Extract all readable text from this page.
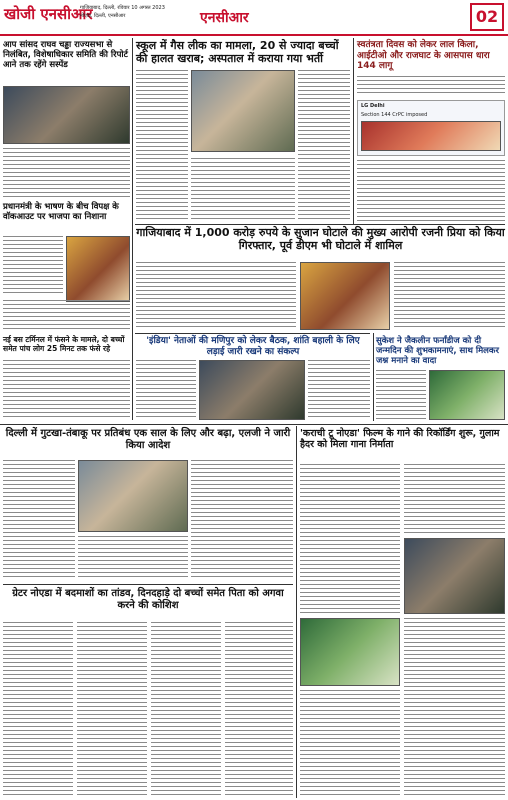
खोजी एनसीआर
गाजियाबाद, दिल्ली, रविवार 10 अगस्त 2023
नोएडा, दिल्ली, एनसीआर	एनसीआर	02
आप सांसद राघव चड्ढा राज्यसभा से निलंबित, विशेषाधिकार समिति की रिपोर्ट आने तक रहेंगे सस्पेंड
प्रधानमंत्री के भाषण के बीच विपक्ष के वॉकआउट पर भाजपा का निशाना
नई बस टर्मिनल में फंसने के मामले, दो बच्चों समेत पांच लोग 25 मिनट तक फंसे रहे
स्कूल में गैस लीक का मामला, 20 से ज्यादा बच्चों की हालत खराब; अस्पताल में कराया गया भर्ती
स्वतंत्रता दिवस को लेकर लाल किला, आईटीओ और राजघाट के आसपास धारा 144 लागू
LG Delhi
Section 144 CrPC imposed
गाजियाबाद में 1,000 करोड़ रुपये के सुजान घोटाले की मुख्य आरोपी रजनी प्रिया को किया गिरफ्तार, पूर्व डीएम भी घोटाले में शामिल
'इंडिया' नेताओं की मणिपुर को लेकर बैठक, शांति बहाली के लिए लड़ाई जारी रखने का संकल्प
सुकेश ने जैकलीन फर्नांडीज को दी जन्मदिन की शुभकामनाएं, साथ मिलकर जश्न मनाने का वादा
दिल्ली में गुटखा-तंबाकू पर प्रतिबंध एक साल के लिए और बढ़ा, एलजी ने जारी किया आदेश
'कराची टू नोएडा' फिल्म के गाने की रिकॉर्डिंग शुरू, गुलाम हैदर को मिला गाना निर्माता
ग्रेटर नोएडा में बदमाशों का तांडव, दिनदहाड़े दो बच्चों समेत पिता को अगवा करने की कोशिश
